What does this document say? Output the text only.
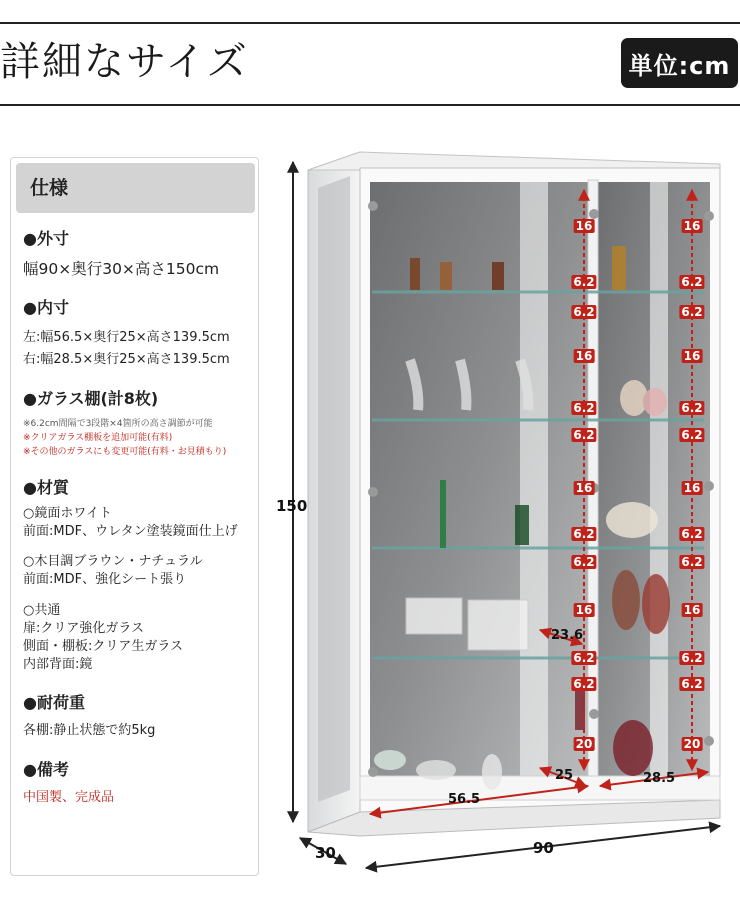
詳細なサイズ	単位:cm
仕様
●外寸
幅90×奥行30×高さ150cm
●内寸
左:幅56.5×奥行25×高さ139.5cm
右:幅28.5×奥行25×高さ139.5cm
●ガラス棚(計8枚)
※6.2cm間隔で3段階×4箇所の高さ調節が可能
※クリアガラス棚板を追加可能(有料)
※その他のガラスにも変更可能(有料・お見積もり)
●材質
○鏡面ホワイト
前面:MDF、ウレタン塗装鏡面仕上げ
○木目調ブラウン・ナチュラル
前面:MDF、強化シート張り
○共通
扉:クリア強化ガラス
側面・棚板:クリア生ガラス
内部背面:鏡
●耐荷重
各棚:静止状態で約5kg
●備考
中国製、完成品
150
30	90
56.5
28.5
25
23.6
16
6.2
6.2
16
6.2
6.2
16
6.2
6.2
16
6.2
6.2
20
16
6.2
6.2
16
6.2
6.2
16
6.2
6.2
16
6.2
6.2
20
